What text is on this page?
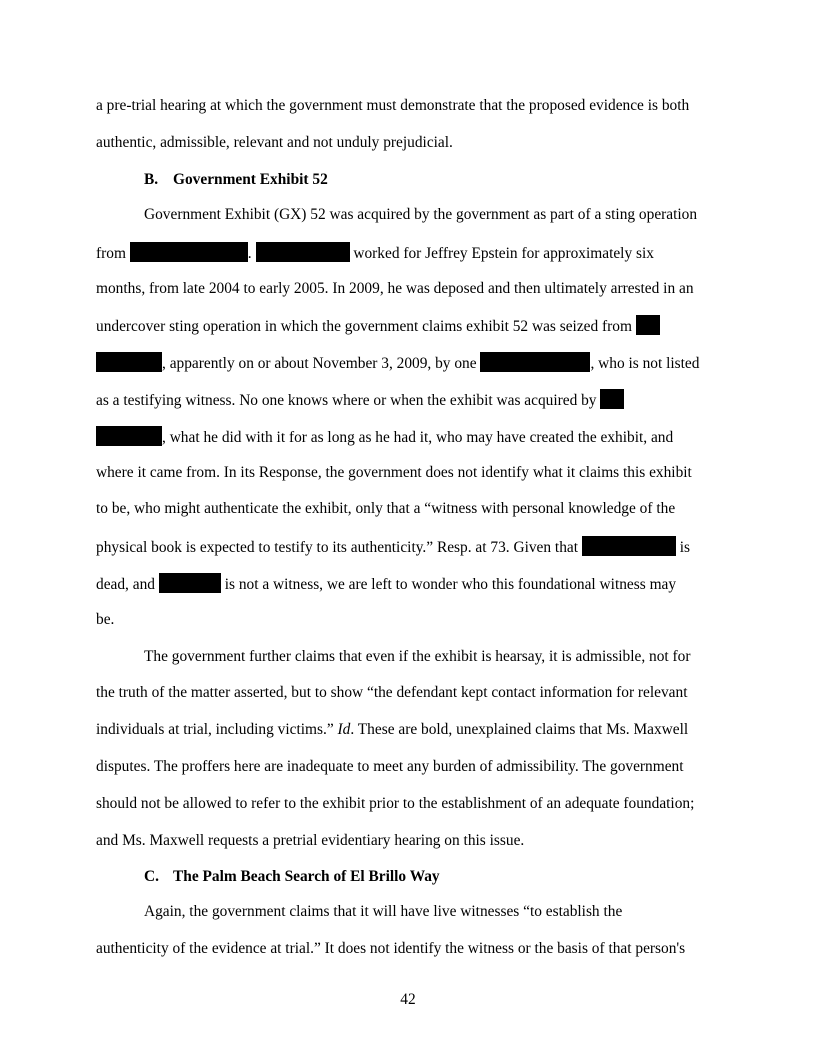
a pre-trial hearing at which the government must demonstrate that the proposed evidence is both
authentic, admissible, relevant and not unduly prejudicial.
B. Government Exhibit 52
Government Exhibit (GX) 52 was acquired by the government as part of a sting operation
from	.	worked for Jeffrey Epstein for approximately six
months, from late 2004 to early 2005. In 2009, he was deposed and then ultimately arrested in an
undercover sting operation in which the government claims exhibit 52 was seized from
, apparently on or about November 3, 2009, by one	, who is not listed
as a testifying witness. No one knows where or when the exhibit was acquired by
, what he did with it for as long as he had it, who may have created the exhibit, and
where it came from. In its Response, the government does not identify what it claims this exhibit
to be, who might authenticate the exhibit, only that a “witness with personal knowledge of the
physical book is expected to testify to its authenticity.” Resp. at 73. Given that	is
dead, and	is not a witness, we are left to wonder who this foundational witness may
be.
The government further claims that even if the exhibit is hearsay, it is admissible, not for
the truth of the matter asserted, but to show “the defendant kept contact information for relevant
individuals at trial, including victims.” Id. These are bold, unexplained claims that Ms. Maxwell
disputes. The proffers here are inadequate to meet any burden of admissibility. The government
should not be allowed to refer to the exhibit prior to the establishment of an adequate foundation;
and Ms. Maxwell requests a pretrial evidentiary hearing on this issue.
C. The Palm Beach Search of El Brillo Way
Again, the government claims that it will have live witnesses “to establish the
authenticity of the evidence at trial.” It does not identify the witness or the basis of that person's
42
